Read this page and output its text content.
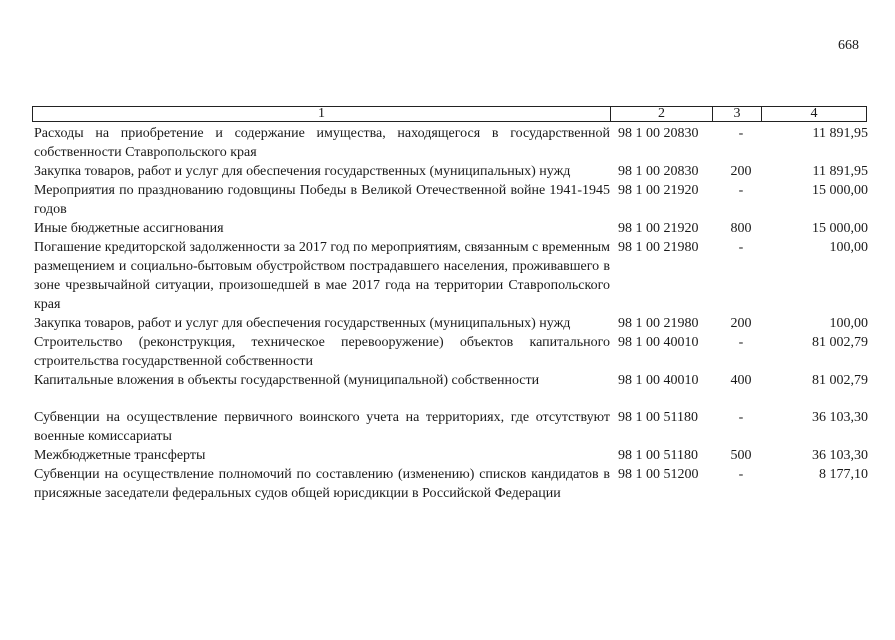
668
1	2	3	4
Расходы на приобретение и содержание имущества, находящегося в государственной собственности Ставропольского края
98 1 00 20830	-	11 891,95
Закупка товаров, работ и услуг для обеспечения государственных (муниципальных) нужд	98 1 00 20830	200	11 891,95
Мероприятия по празднованию годовщины Победы в Великой Отечественной войне 1941-1945 годов
98 1 00 21920	-	15 000,00
Иные бюджетные ассигнования	98 1 00 21920	800	15 000,00
Погашение кредиторской задолженности за 2017 год по мероприятиям, связанным с временным размещением и социально-бытовым обустройством пострадавшего населения, проживавшего в зоне чрезвычайной ситуации, произошедшей в мае 2017 года на территории Ставропольского края
98 1 00 21980	-	100,00
Закупка товаров, работ и услуг для обеспечения государственных (муниципальных) нужд	98 1 00 21980	200	100,00
Строительство (реконструкция, техническое перевооружение) объектов капитального строительства государственной собственности
98 1 00 40010	-	81 002,79
Капитальные вложения в объекты государственной (муниципальной) собственности	98 1 00 40010	400	81 002,79
Субвенции на осуществление первичного воинского учета на территориях, где отсутствуют военные комиссариаты
98 1 00 51180	-	36 103,30
Межбюджетные трансферты	98 1 00 51180	500	36 103,30
Субвенции на осуществление полномочий по составлению (изменению) списков кандидатов в присяжные заседатели федеральных судов общей юрисдикции в Российской Федерации
98 1 00 51200	-	8 177,10
